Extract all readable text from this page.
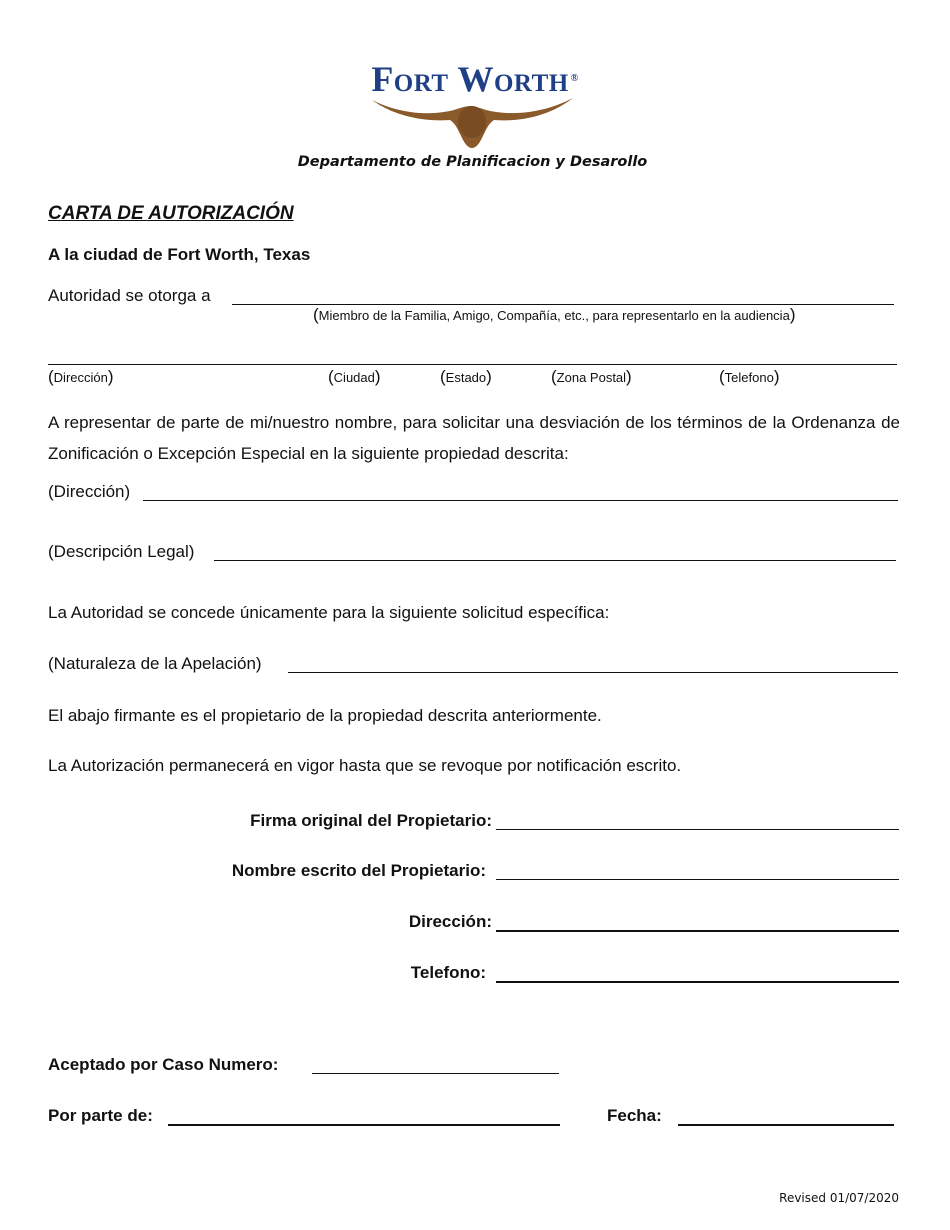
Fort Worth ®
Departamento de Planificacion y Desarollo
CARTA DE AUTORIZACIÓN
A la ciudad de Fort Worth, Texas
Autoridad se otorga a
(Miembro de la Familia, Amigo, Compañía, etc., para representarlo en la audiencia)
(Dirección)	(Ciudad)	(Estado)	(Zona Postal)	(Telefono)
A representar de parte de mi/nuestro nombre, para solicitar una desviación de los términos de la Ordenanza de Zonificación o Excepción Especial en la siguiente propiedad descrita:
(Dirección)
(Descripción Legal)
La Autoridad se concede únicamente para la siguiente solicitud específica:
(Naturaleza de la Apelación)
El abajo firmante es el propietario de la propiedad descrita anteriormente.
La Autorización permanecerá en vigor hasta que se revoque por notificación escrito.
Firma original del Propietario:
Nombre escrito del Propietario:
Dirección:
Telefono:
Aceptado por Caso Numero:
Por parte de:	Fecha:
Revised 01/07/2020
